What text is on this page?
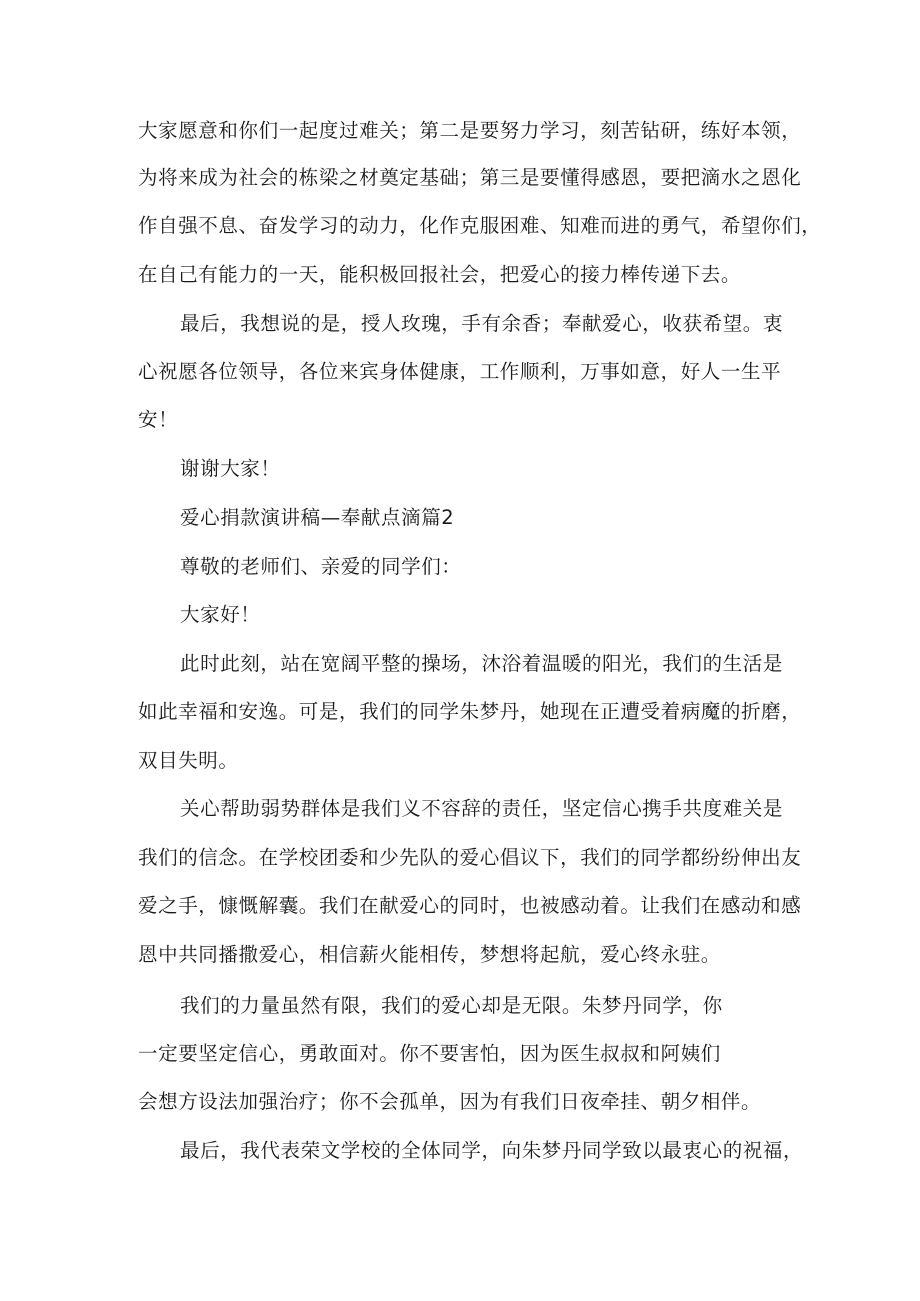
大家愿意和你们一起度过难关；第二是要努力学习，刻苦钻研，练好本领，
为将来成为社会的栋梁之材奠定基础；第三是要懂得感恩，要把滴水之恩化
作自强不息、奋发学习的动力，化作克服困难、知难而进的勇气，希望你们，
在自己有能力的一天，能积极回报社会，把爱心的接力棒传递下去。
最后，我想说的是，授人玫瑰，手有余香；奉献爱心，收获希望。衷
心祝愿各位领导，各位来宾身体健康，工作顺利，万事如意，好人一生平
安！
谢谢大家！
爱心捐款演讲稿—奉献点滴篇2
尊敬的老师们、亲爱的同学们：
大家好！
此时此刻，站在宽阔平整的操场，沐浴着温暖的阳光，我们的生活是
如此幸福和安逸。可是，我们的同学朱梦丹，她现在正遭受着病魔的折磨，
双目失明。
关心帮助弱势群体是我们义不容辞的责任，坚定信心携手共度难关是
我们的信念。在学校团委和少先队的爱心倡议下，我们的同学都纷纷伸出友
爱之手，慷慨解囊。我们在献爱心的同时，也被感动着。让我们在感动和感
恩中共同播撒爱心，相信薪火能相传，梦想将起航，爱心终永驻。
我们的力量虽然有限，我们的爱心却是无限。朱梦丹同学，你
一定要坚定信心，勇敢面对。你不要害怕，因为医生叔叔和阿姨们
会想方设法加强治疗；你不会孤单，因为有我们日夜牵挂、朝夕相伴。
最后，我代表荣文学校的全体同学，向朱梦丹同学致以最衷心的祝福，
